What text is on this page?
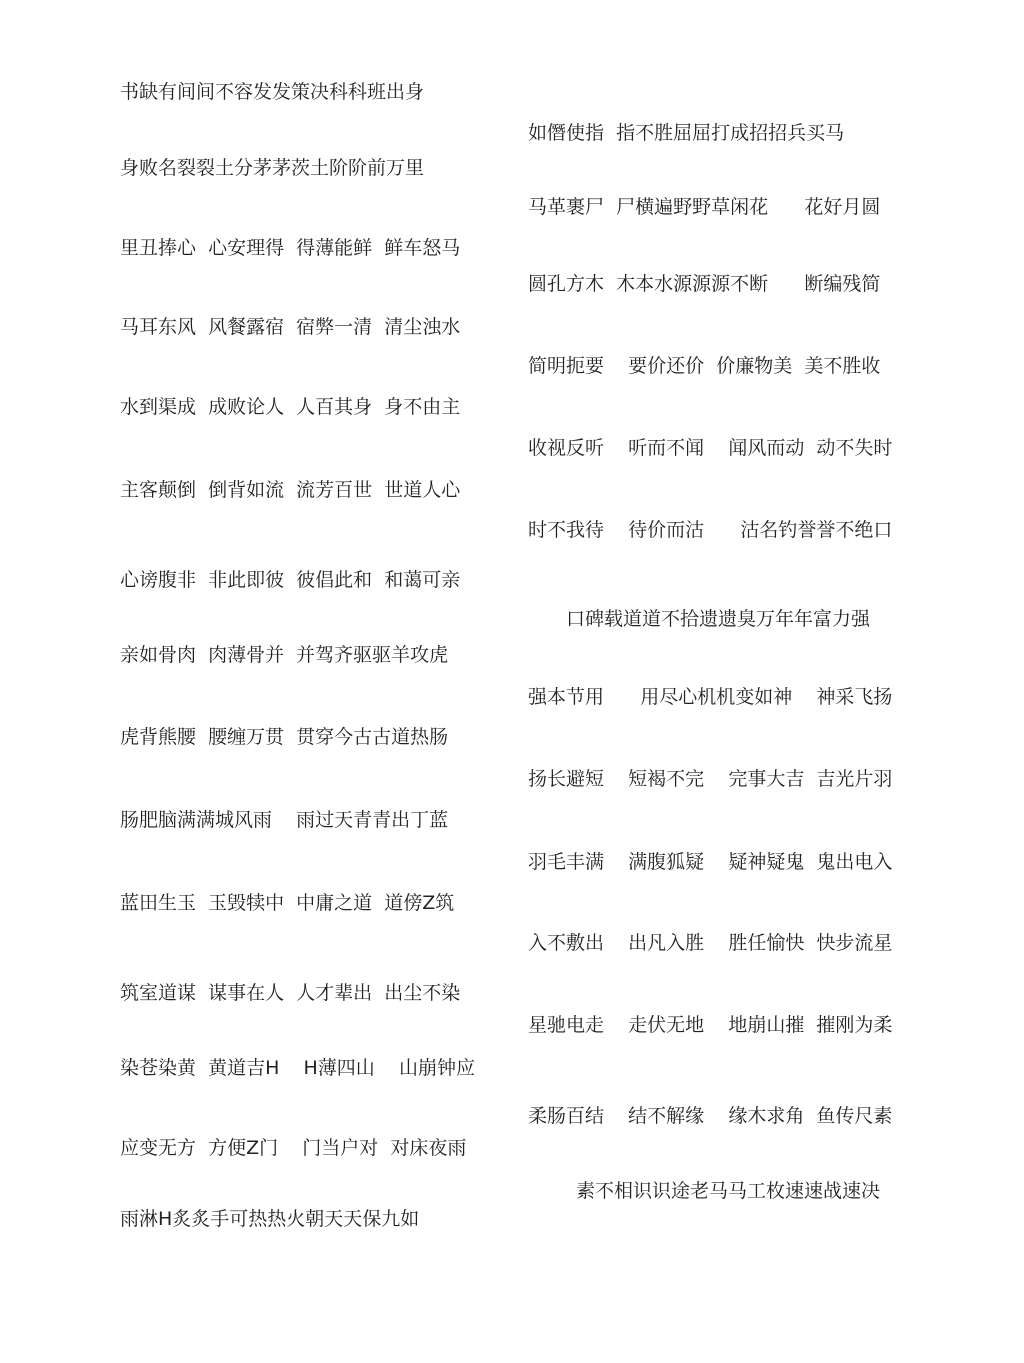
书缺有间间不容发发策决科科班出身
身败名裂裂土分茅茅茨土阶阶前万里
里丑捧心  心安理得  得薄能鲜  鲜车怒马
马耳东风  风餐露宿  宿弊一清  清尘浊水
水到渠成  成败论人  人百其身  身不由主
主客颠倒  倒背如流  流芳百世  世道人心
心谤腹非  非此即彼  彼倡此和  和蔼可亲
亲如骨肉  肉薄骨并  并驾齐驱驱羊攻虎
虎背熊腰  腰缠万贯  贯穿今古古道热肠
肠肥脑满满城风雨    雨过天青青出丁蓝
蓝田生玉  玉毁犊中  中庸之道  道傍Z筑
筑室道谋  谋事在人  人才辈出  出尘不染
染苍染黄  黄道吉H    H薄四山    山崩钟应
应变无方  方便Z门    门当户对  对床夜雨
雨淋H炙炙手可热热火朝天天保九如
如僭使指  指不胜屈屈打成招招兵买马
马革裹尸  尸横遍野野草闲花      花好月圆
圆孔方木  木本水源源源不断      断编残简
简明扼要    要价还价  价廉物美  美不胜收
收视反听    听而不闻    闻风而动  动不失时
时不我待    待价而沽      沽名钓誉誉不绝口
口碑载道道不拾遗遗臭万年年富力强
强本节用      用尽心机机变如神    神采飞扬
扬长避短    短褐不完    完事大吉  吉光片羽
羽毛丰满    满腹狐疑    疑神疑鬼  鬼出电入
入不敷出    出凡入胜    胜任愉快  快步流星
星驰电走    走伏无地    地崩山摧  摧刚为柔
柔肠百结    结不解缘    缘木求角  鱼传尺素
素不相识识途老马马工枚速速战速决
